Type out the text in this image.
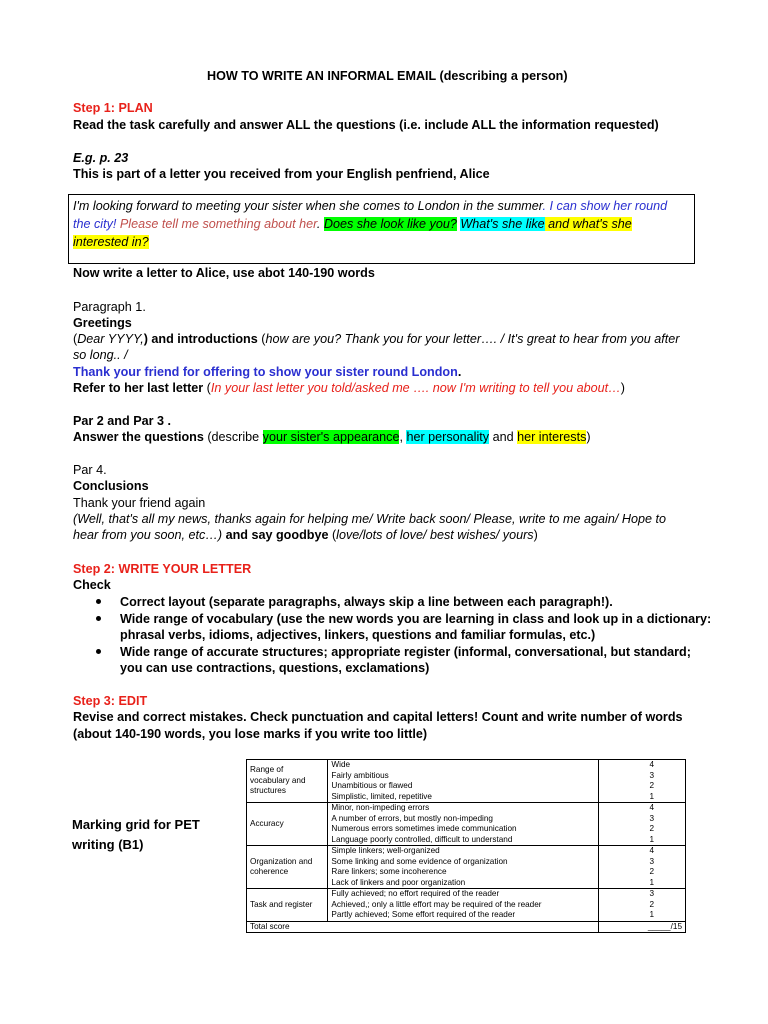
HOW TO WRITE AN INFORMAL EMAIL (describing a person)
Step 1: PLAN
Read the task carefully and answer ALL the questions (i.e. include ALL the information requested)
E.g. p. 23
This is part of a letter you received from your English penfriend, Alice
I'm looking forward to meeting your sister when she comes to London in the summer. I can show her round
the city! Please tell me something about her. Does she look like you? What's she like and what's she
interested in?
Now write a letter to Alice, use abot 140-190 words
Paragraph 1.
Greetings
(Dear YYYY,) and introductions (how are you? Thank you for your letter…. / It's great to hear from you after
so long.. /
Thank your friend for offering to show your sister round London.
Refer to her last letter (In your last letter you told/asked me …. now I'm writing to tell you about…)
Par 2 and Par 3 .
Answer the questions (describe your sister's appearance, her personality and her interests)
Par 4.
Conclusions
Thank your friend again
(Well, that's all my news, thanks again for helping me/ Write back soon/ Please, write to me again/ Hope to
hear from you soon, etc…) and say goodbye (love/lots of love/ best wishes/ yours)
Step 2: WRITE YOUR LETTER
Check
Correct layout (separate paragraphs, always skip a line between each paragraph!).
Wide range of vocabulary (use the new words you are learning in class and look up in a dictionary:
phrasal verbs, idioms, adjectives, linkers, questions and familiar formulas, etc.)
Wide range of accurate structures; appropriate register (informal, conversational, but standard;
you can use contractions, questions, exclamations)
Step 3: EDIT
Revise and correct mistakes. Check punctuation and capital letters! Count and write number of words
(about 140-190 words, you lose marks if you write too little)
Marking grid for PET
writing (B1)
Range of vocabulary and structures	Wide	4
	Fairly ambitious	3
	Unambitious or flawed	2
	Simplistic, limited, repetitive	1
Accuracy	Minor, non-impeding errors	4
	A number of errors, but mostly non-impeding	3
	Numerous errors sometimes imede communication	2
	Language poorly controlled, difficult to understand	1
Organization and coherence	Simple linkers; well-organized	4
	Some linking and some evidence of organization	3
	Rare linkers; some incoherence	2
	Lack of linkers and poor organization	1
Task and register	Fully achieved; no effort required of the reader	3
	Achieved,; only a little effort may be required of the reader	2
	Partly achieved; Some effort required of the reader	1
Total score		_____/15
